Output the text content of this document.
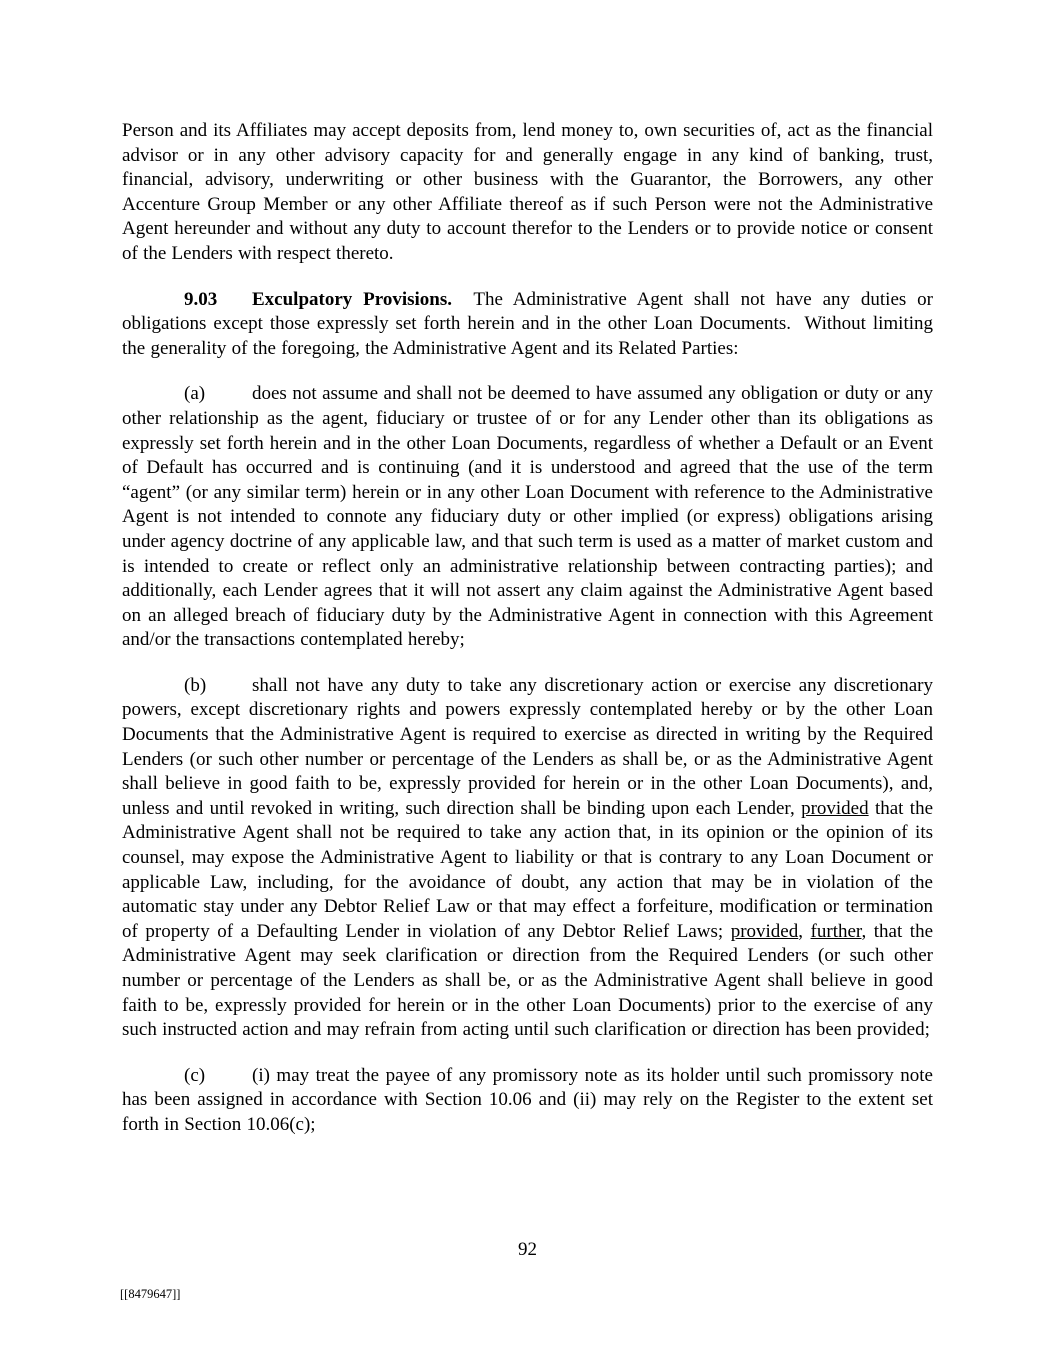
Person and its Affiliates may accept deposits from, lend money to, own securities of, act as the financial advisor or in any other advisory capacity for and generally engage in any kind of banking, trust, financial, advisory, underwriting or other business with the Guarantor, the Borrowers, any other Accenture Group Member or any other Affiliate thereof as if such Person were not the Administrative Agent hereunder and without any duty to account therefor to the Lenders or to provide notice or consent of the Lenders with respect thereto.

9.03 Exculpatory Provisions.  The Administrative Agent shall not have any duties or obligations except those expressly set forth herein and in the other Loan Documents.  Without limiting the generality of the foregoing, the Administrative Agent and its Related Parties:

(a) does not assume and shall not be deemed to have assumed any obligation or duty or any other relationship as the agent, fiduciary or trustee of or for any Lender other than its obligations as expressly set forth herein and in the other Loan Documents, regardless of whether a Default or an Event of Default has occurred and is continuing (and it is understood and agreed that the use of the term “agent” (or any similar term) herein or in any other Loan Document with reference to the Administrative Agent is not intended to connote any fiduciary duty or other implied (or express) obligations arising under agency doctrine of any applicable law, and that such term is used as a matter of market custom and is intended to create or reflect only an administrative relationship between contracting parties); and additionally, each Lender agrees that it will not assert any claim against the Administrative Agent based on an alleged breach of fiduciary duty by the Administrative Agent in connection with this Agreement and/or the transactions contemplated hereby;

(b) shall not have any duty to take any discretionary action or exercise any discretionary powers, except discretionary rights and powers expressly contemplated hereby or by the other Loan Documents that the Administrative Agent is required to exercise as directed in writing by the Required Lenders (or such other number or percentage of the Lenders as shall be, or as the Administrative Agent shall believe in good faith to be, expressly provided for herein or in the other Loan Documents), and, unless and until revoked in writing, such direction shall be binding upon each Lender, provided that the Administrative Agent shall not be required to take any action that, in its opinion or the opinion of its counsel, may expose the Administrative Agent to liability or that is contrary to any Loan Document or applicable Law, including, for the avoidance of doubt, any action that may be in violation of the automatic stay under any Debtor Relief Law or that may effect a forfeiture, modification or termination of property of a Defaulting Lender in violation of any Debtor Relief Laws; provided, further, that the Administrative Agent may seek clarification or direction from the Required Lenders (or such other number or percentage of the Lenders as shall be, or as the Administrative Agent shall believe in good faith to be, expressly provided for herein or in the other Loan Documents) prior to the exercise of any such instructed action and may refrain from acting until such clarification or direction has been provided;

(c) (i) may treat the payee of any promissory note as its holder until such promissory note has been assigned in accordance with Section 10.06 and (ii) may rely on the Register to the extent set forth in Section 10.06(c);

92
[[8479647]]
